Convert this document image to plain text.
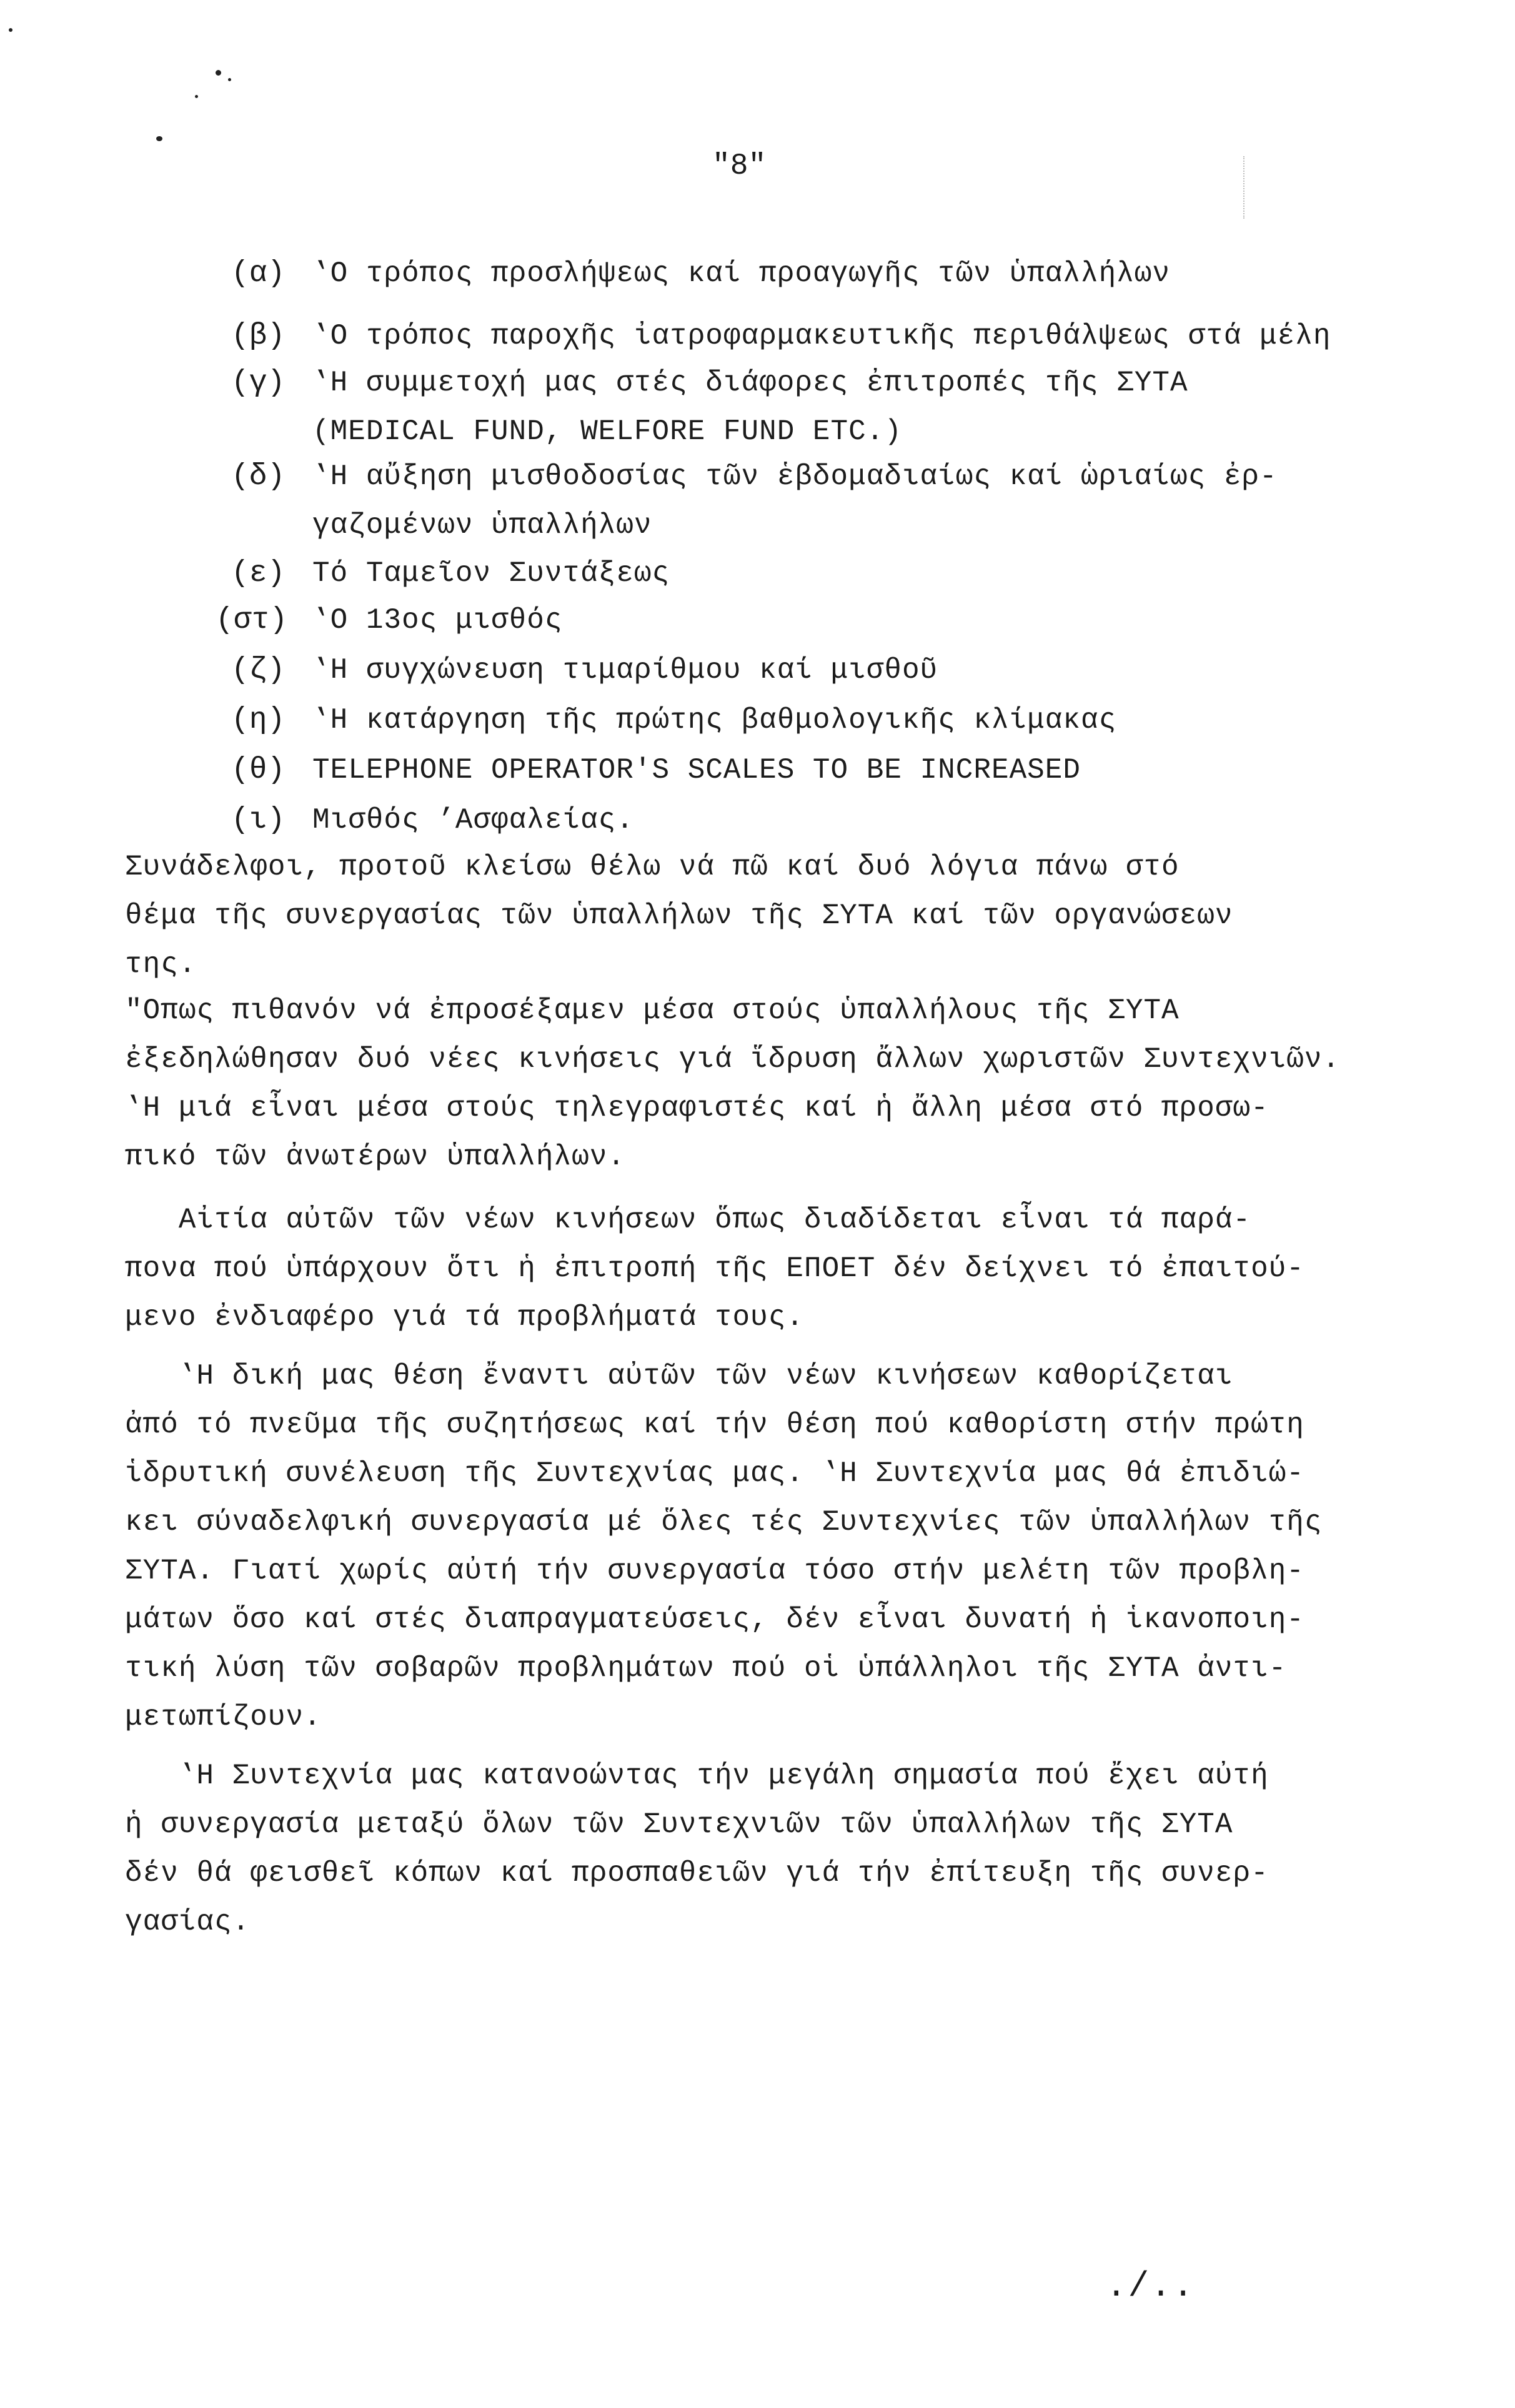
"8"
(α) ‛Ο τρόπος προσλήψεως καί προαγωγῆς τῶν ὑπαλλήλων
(β) ‛Ο τρόπος παροχῆς ἰατροφαρμακευτικῆς περιθάλψεως στά μέλη
(γ) ‛Η συμμετοχή μας στές διάφορες ἐπιτροπές τῆς ΣΥΤΑ
(MEDICAL FUND, WELFORE FUND ETC.)
(δ) ‛Η αὔξηση μισθοδοσίας τῶν ἑβδομαδιαίως καί ὡριαίως ἐρ-
γαζομένων ὑπαλλήλων
(ε) Τό Ταμεῖον Συντάξεως
(στ) ‛Ο 13ος μισθός
(ζ) ‛Η συγχώνευση τιμαρίθμου καί μισθοῦ
(η) ‛Η κατάργηση τῆς πρώτης βαθμολογικῆς κλίμακας
(θ) TELEPHONE OPERATOR'S SCALES TO BE INCREASED
(ι) Μισθός ’Ασφαλείας.
Συνάδελφοι, προτοῦ κλείσω θέλω νά πῶ καί δυό λόγια πάνω στό
θέμα τῆς συνεργασίας τῶν ὑπαλλήλων τῆς ΣΥΤΑ καί τῶν οργανώσεων
της.
"Οπως πιθανόν νά ἐπροσέξαμεν μέσα στούς ὑπαλλήλους τῆς ΣΥΤΑ
ἐξεδηλώθησαν δυό νέες κινήσεις γιά ἵδρυση ἄλλων χωριστῶν Συντεχνιῶν.
‛Η μιά εἶναι μέσα στούς τηλεγραφιστές καί ἡ ἄλλη μέσα στό προσω-
πικό τῶν ἀνωτέρων ὑπαλλήλων.
Αἰτία αὐτῶν τῶν νέων κινήσεων ὅπως διαδίδεται εἶναι τά παρά-
πονα πού ὑπάρχουν ὅτι ἡ ἐπιτροπή τῆς ΕΠΟΕΤ δέν δείχνει τό ἐπαιτού-
μενο ἐνδιαφέρο γιά τά προβλήματά τους.
‛Η δική μας θέση ἔναντι αὐτῶν τῶν νέων κινήσεων καθορίζεται
ἀπό τό πνεῦμα τῆς συζητήσεως καί τήν θέση πού καθορίστη στήν πρώτη
ἱδρυτική συνέλευση τῆς Συντεχνίας μας. ‛Η Συντεχνία μας θά ἐπιδιώ-
κει σύναδελφική συνεργασία μέ ὅλες τές Συντεχνίες τῶν ὑπαλλήλων τῆς
ΣΥΤΑ. Γιατί χωρίς αὐτή τήν συνεργασία τόσο στήν μελέτη τῶν προβλη-
μάτων ὅσο καί στές διαπραγματεύσεις, δέν εἶναι δυνατή ἡ ἱκανοποιη-
τική λύση τῶν σοβαρῶν προβλημάτων πού οἱ ὑπάλληλοι τῆς ΣΥΤΑ ἀντι-
μετωπίζουν.
‛Η Συντεχνία μας κατανοώντας τήν μεγάλη σημασία πού ἔχει αὐτή
ἡ συνεργασία μεταξύ ὅλων τῶν Συντεχνιῶν τῶν ὑπαλλήλων τῆς ΣΥΤΑ
δέν θά φεισθεῖ κόπων καί προσπαθειῶν γιά τήν ἐπίτευξη τῆς συνερ-
γασίας.
./..
